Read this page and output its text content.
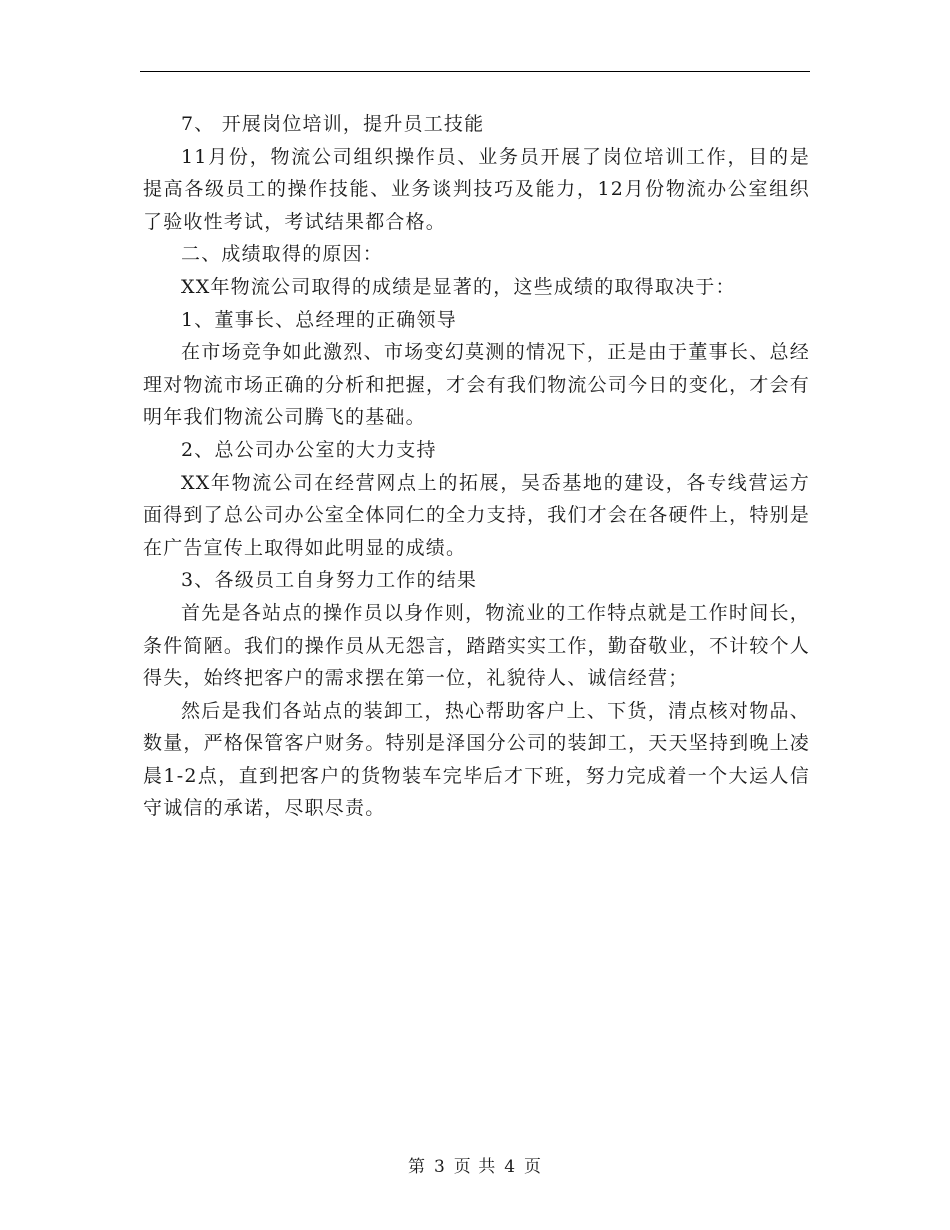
7、 开展岗位培训，提升员工技能

11月份，物流公司组织操作员、业务员开展了岗位培训工作，目的是提高各级员工的操作技能、业务谈判技巧及能力，12月份物流办公室组织了验收性考试，考试结果都合格。

二、成绩取得的原因：

XX年物流公司取得的成绩是显著的，这些成绩的取得取决于：

1、董事长、总经理的正确领导

在市场竞争如此激烈、市场变幻莫测的情况下，正是由于董事长、总经理对物流市场正确的分析和把握，才会有我们物流公司今日的变化，才会有明年我们物流公司腾飞的基础。

2、总公司办公室的大力支持

XX年物流公司在经营网点上的拓展，吴岙基地的建设，各专线营运方面得到了总公司办公室全体同仁的全力支持，我们才会在各硬件上，特别是在广告宣传上取得如此明显的成绩。

3、各级员工自身努力工作的结果

首先是各站点的操作员以身作则，物流业的工作特点就是工作时间长，条件简陋。我们的操作员从无怨言，踏踏实实工作，勤奋敬业，不计较个人得失，始终把客户的需求摆在第一位，礼貌待人、诚信经营；

然后是我们各站点的装卸工，热心帮助客户上、下货，清点核对物品、数量，严格保管客户财务。特别是泽国分公司的装卸工，天天坚持到晚上凌晨1-2点，直到把客户的货物装车完毕后才下班，努力完成着一个大运人信守诚信的承诺，尽职尽责。

第 3 页 共 4 页
